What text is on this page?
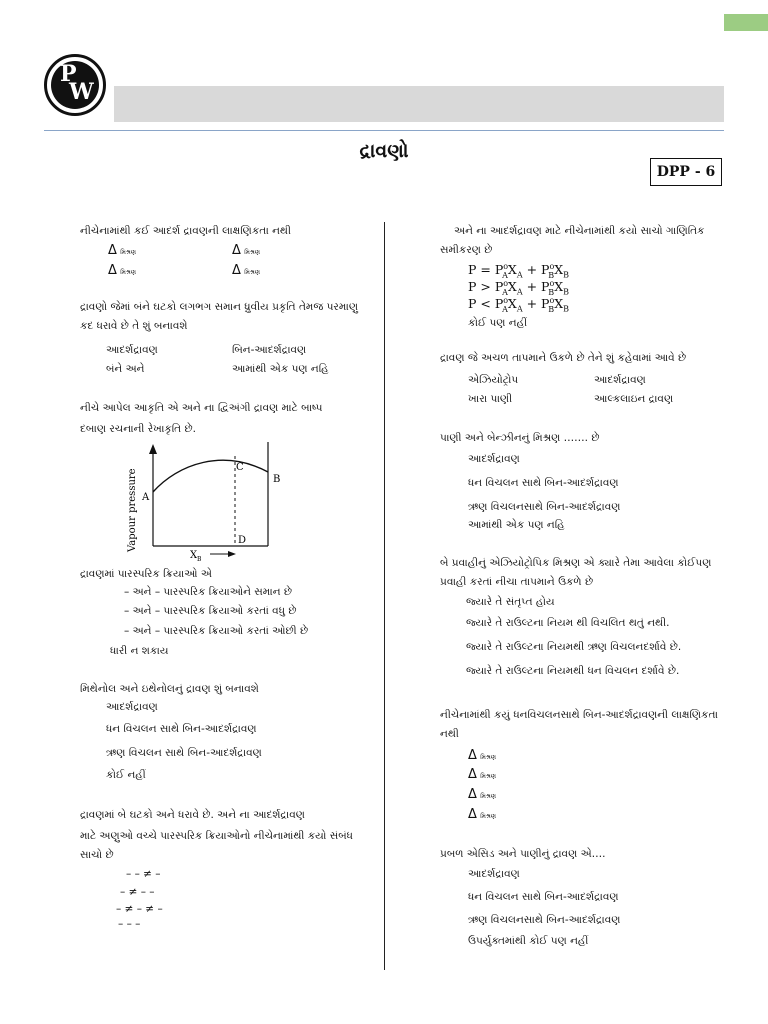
P
W
દ્રાવણો
DPP - 6
નીચેનામાંથી કઈ આદર્શ દ્રાવણની લાક્ષણિકતા નથી
Δ મિશ્રણ	Δ મિશ્રણ
Δ મિશ્રણ	Δ મિશ્રણ
દ્રાવણો જેમાં બંને ઘટકો લગભગ સમાન ધ્રુવીય પ્રકૃતિ તેમજ પરમાણુ
કદ ધરાવે છે તે શું બનાવશે
આદર્શદ્રાવણ	બિન-આદર્શદ્રાવણ
બંને અને	આમાંથી એક પણ નહિ
નીચે આપેલ આકૃતિ એ અને ના દ્વિઅંગી દ્રાવણ માટે બાષ્પ
દબાણ રચનાની રેખાકૃતિ છે.
A
C
B
D
X B
Vapour pressure
દ્રાવણમાં પારસ્પરિક ક્રિયાઓ એ
– અને – પારસ્પરિક ક્રિયાઓને સમાન છે
– અને – પારસ્પરિક ક્રિયાઓ કરતાં વધુ છે
– અને – પારસ્પરિક ક્રિયાઓ કરતાં ઓછી છે
ધારી ન શકાય
મિથેનોલ અને ઇથેનોલનું દ્રાવણ શું બનાવશે
આદર્શદ્રાવણ
ધન વિચલન સાથે બિન-આદર્શદ્રાવણ
ઋણ વિચલન સાથે બિન-આદર્શદ્રાવણ
કોઈ નહીં
દ્રાવણમાં બે ઘટકો અને ધરાવે છે. અને ના આદર્શદ્રાવણ
માટે અણુઓ વચ્ચે પારસ્પરિક ક્રિયાઓનો નીચેનામાંથી કયો સંબંધ
સાચો છે
– – ≠ –
– ≠ – –
– ≠ – ≠ –
– – –
અને ના આદર્શદ્રાવણ માટે નીચેનામાંથી કયો સાચો ગાણિતિક
સમીકરણ છે
$P = P^o_AX_A + P^o_BX_B$
$P > P^o_AX_A + P^o_BX_B$
$P < P^o_AX_A + P^o_BX_B$
કોઈ પણ નહીં
દ્રાવણ જે અચળ તાપમાને ઉકળે છે તેને શું કહેવામાં આવે છે
એઝિયોટ્રોપ	આદર્શદ્રાવણ
ખારા પાણી	આલ્કલાઇન દ્રાવણ
પાણી અને બેન્ઝીનનું મિશ્રણ ……. છે
આદર્શદ્રાવણ
ધન વિચલન સાથે બિન-આદર્શદ્રાવણ
ઋણ વિચલનસાથે બિન-આદર્શદ્રાવણ
આમાંથી એક પણ નહિ
બે પ્રવાહીનું એઝિયોટ્રોપિક મિશ્રણ એ ક્યારે તેમા આવેલા કોઈપણ
પ્રવાહી કરતાં નીચા તાપમાને ઉકળે છે
જ્યારે તે સંતૃપ્ત હોય
જ્યારે તે રાઉલ્ટના નિયમ થી વિચલિત થતું નથી.
જ્યારે તે રાઉલ્ટના નિયમથી ઋણ વિચલનદર્શાવે છે.
જ્યારે તે રાઉલ્ટના નિયમથી ધન વિચલન દર્શાવે છે.
નીચેનામાંથી કયું ધનવિચલનસાથે બિન-આદર્શદ્રાવણની લાક્ષણિકતા
નથી
Δ મિશ્રણ
Δ મિશ્રણ
Δ મિશ્રણ
Δ મિશ્રણ
પ્રબળ એસિડ અને પાણીનું દ્રાવણ એ….
આદર્શદ્રાવણ
ધન વિચલન સાથે બિન-આદર્શદ્રાવણ
ઋણ વિચલનસાથે બિન-આદર્શદ્રાવણ
ઉપર્યુક્તમાંથી કોઈ પણ નહીં
